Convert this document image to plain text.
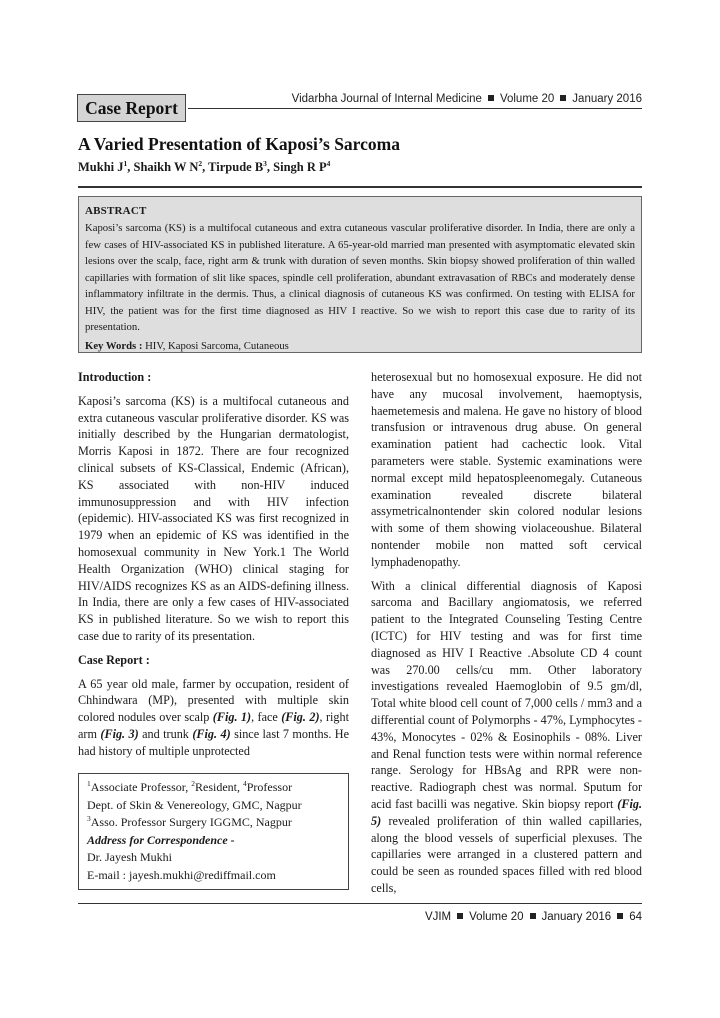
Vidarbha Journal of Internal Medicine Volume 20 January 2016
Case Report
A Varied Presentation of Kaposi’s Sarcoma
Mukhi $J^1$, Shaikh W $N^2$, Tirpude $B^3$, Singh R $P^4$
ABSTRACT
Kaposi’s sarcoma (KS) is a multifocal cutaneous and extra cutaneous vascular proliferative disorder. In India, there are only a few cases of HIV-associated KS in published literature. A 65-year-old married man presented with asymptomatic elevated skin lesions over the scalp, face, right arm & trunk with duration of seven months. Skin biopsy showed proliferation of thin walled capillaries with formation of slit like spaces, spindle cell proliferation, abundant extravasation of RBCs and moderately dense inflammatory infiltrate in the dermis. Thus, a clinical diagnosis of cutaneous KS was confirmed. On testing with ELISA for HIV, the patient was for the first time diagnosed as HIV I reactive. So we wish to report this case due to rarity of its presentation.
Key Words : HIV, Kaposi Sarcoma, Cutaneous
Introduction :

Kaposi’s sarcoma (KS) is a multifocal cutaneous and extra cutaneous vascular proliferative disorder. KS was initially described by the Hungarian dermatologist, Morris Kaposi in 1872. There are four recognized clinical subsets of KS-Classical, Endemic (African), KS associated with non-HIV induced immunosuppression and with HIV infection (epidemic). HIV-associated KS was first recognized in 1979 when an epidemic of KS was identified in the homosexual community in New York.1 The World Health Organization (WHO) clinical staging for HIV/AIDS recognizes KS as an AIDS-defining illness. In India, there are only a few cases of HIV-associated KS in published literature. So we wish to report this case due to rarity of its presentation.

Case Report :

A 65 year old male, farmer by occupation, resident of Chhindwara (MP), presented with multiple skin colored nodules over scalp (Fig. 1), face (Fig. 2), right arm (Fig. 3) and trunk (Fig. 4) since last 7 months. He had history of multiple unprotected

$^1$Associate Professor, $^2$Resident, $^4$Professor
Dept. of Skin & Venereology, GMC, Nagpur
$^3$Asso. Professor Surgery IGGMC, Nagpur
Address for Correspondence -
Dr. Jayesh Mukhi
E-mail : jayesh.mukhi@rediffmail.com

heterosexual but no homosexual exposure. He did not have any mucosal involvement, haemoptysis, haemetemesis and malena. He gave no history of blood transfusion or intravenous drug abuse. On general examination patient had cachectic look. Vital parameters were stable. Systemic examinations were normal except mild hepatospleenomegaly. Cutaneous examination revealed discrete bilateral assymetricalnontender skin colored nodular lesions with some of them showing violaceoushue. Bilateral nontender mobile non matted soft cervical lymphadenopathy.

With a clinical differential diagnosis of Kaposi sarcoma and Bacillary angiomatosis, we referred patient to the Integrated Counseling Testing Centre (ICTC) for HIV testing and was for first time diagnosed as HIV I Reactive .Absolute CD 4 count was 270.00 cells/cu mm. Other laboratory investigations revealed Haemoglobin of 9.5 gm/dl, Total white blood cell count of 7,000 cells / mm3 and a differential count of Polymorphs - 47%, Lymphocytes - 43%, Monocytes - 02% & Eosinophils - 08%. Liver and Renal function tests were within normal reference range. Serology for HBsAg and RPR were non-reactive. Radiograph chest was normal. Sputum for acid fast bacilli was negative. Skin biopsy report (Fig. 5) revealed proliferation of thin walled capillaries, along the blood vessels of superficial plexuses. The capillaries were arranged in a clustered pattern and could be seen as rounded spaces filled with red blood cells,

VJIM Volume 20 January 2016 64
